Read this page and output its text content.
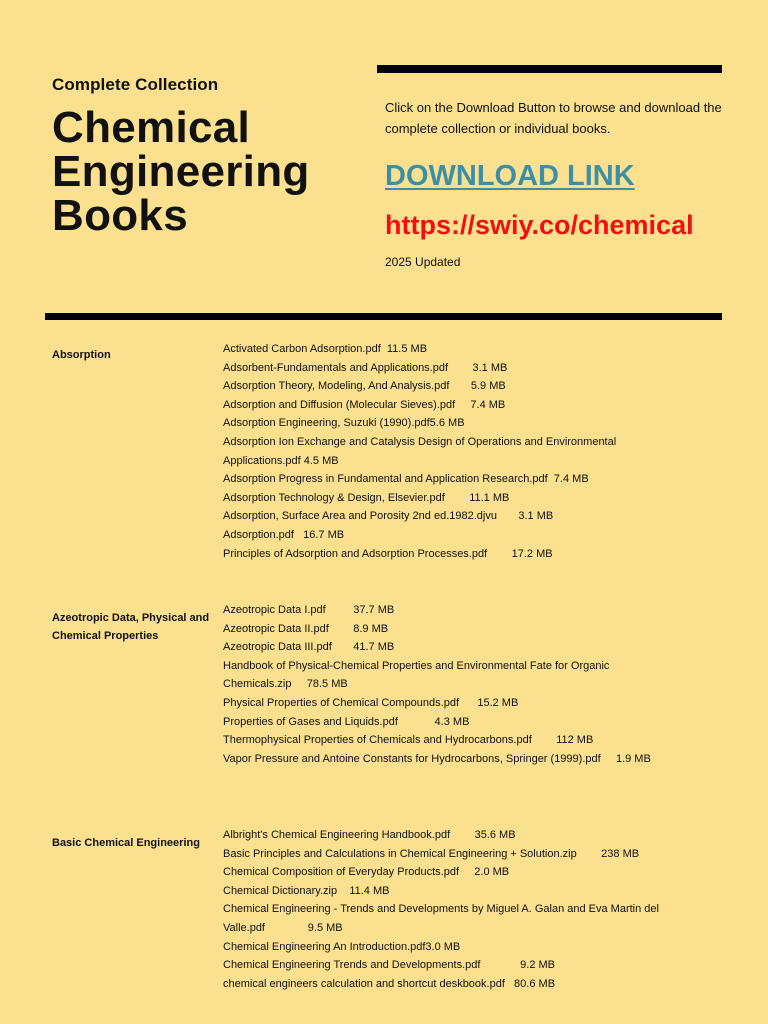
Complete Collection
Chemical
Engineering
Books
Click on the Download Button to browse and download the complete collection or individual books.
DOWNLOAD LINK
https://swiy.co/chemical
2025 Updated
Absorption	Activated Carbon Adsorption.pdf  11.5 MB
Adsorbent-Fundamentals and Applications.pdf        3.1 MB
Adsorption Theory, Modeling, And Analysis.pdf       5.9 MB
Adsorption and Diffusion (Molecular Sieves).pdf     7.4 MB
Adsorption Engineering, Suzuki (1990).pdf5.6 MB
Adsorption Ion Exchange and Catalysis Design of Operations and Environmental
Applications.pdf 4.5 MB
Adsorption Progress in Fundamental and Application Research.pdf  7.4 MB
Adsorption Technology & Design, Elsevier.pdf        11.1 MB
Adsorption, Surface Area and Porosity 2nd ed.1982.djvu       3.1 MB
Adsorption.pdf   16.7 MB
Principles of Adsorption and Adsorption Processes.pdf        17.2 MB
Azeotropic Data, Physical and Chemical Properties
Azeotropic Data I.pdf         37.7 MB
Azeotropic Data II.pdf        8.9 MB
Azeotropic Data III.pdf       41.7 MB
Handbook of Physical-Chemical Properties and Environmental Fate for Organic
Chemicals.zip     78.5 MB
Physical Properties of Chemical Compounds.pdf      15.2 MB
Properties of Gases and Liquids.pdf            4.3 MB
Thermophysical Properties of Chemicals and Hydrocarbons.pdf        112 MB
Vapor Pressure and Antoine Constants for Hydrocarbons, Springer (1999).pdf     1.9 MB
Basic Chemical Engineering
Albright's Chemical Engineering Handbook.pdf        35.6 MB
Basic Principles and Calculations in Chemical Engineering + Solution.zip        238 MB
Chemical Composition of Everyday Products.pdf     2.0 MB
Chemical Dictionary.zip    11.4 MB
Chemical Engineering - Trends and Developments by Miguel A. Galan and Eva Martin del
Valle.pdf              9.5 MB
Chemical Engineering An Introduction.pdf3.0 MB
Chemical Engineering Trends and Developments.pdf             9.2 MB
chemical engineers calculation and shortcut deskbook.pdf   80.6 MB
